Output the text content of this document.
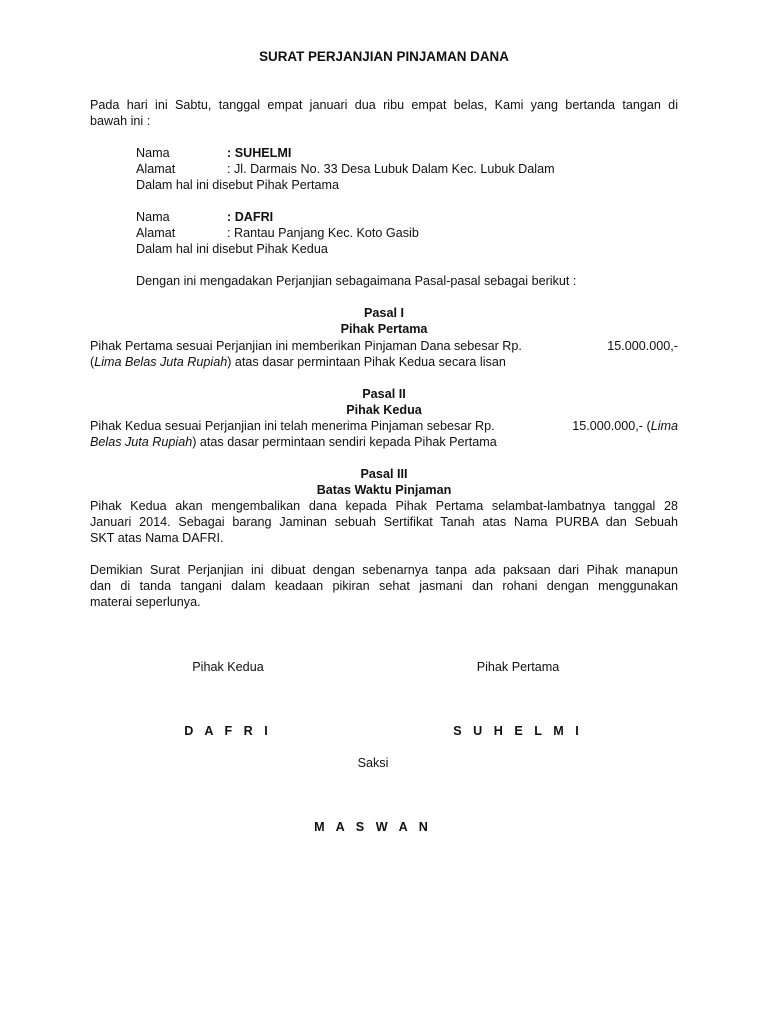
SURAT PERJANJIAN PINJAMAN DANA
Pada hari ini Sabtu, tanggal empat januari dua ribu empat belas, Kami yang bertanda tangan di
bawah ini :
Nama	: SUHELMI
Alamat	: Jl. Darmais No. 33 Desa Lubuk Dalam Kec. Lubuk Dalam
Dalam hal ini disebut Pihak Pertama
Nama	: DAFRI
Alamat	: Rantau Panjang Kec. Koto Gasib
Dalam hal ini disebut Pihak Kedua
Dengan ini mengadakan Perjanjian sebagaimana Pasal-pasal sebagai berikut :
Pasal I
Pihak Pertama
Pihak Pertama sesuai Perjanjian ini memberikan Pinjaman Dana sebesar Rp.	15.000.000,-
(Lima Belas Juta Rupiah) atas dasar permintaan Pihak Kedua secara lisan
Pasal II
Pihak Kedua
Pihak Kedua sesuai Perjanjian ini telah menerima Pinjaman sebesar Rp.	15.000.000,- (Lima
Belas Juta Rupiah) atas dasar permintaan sendiri kepada Pihak Pertama
Pasal III
Batas Waktu Pinjaman
Pihak Kedua akan mengembalikan dana kepada Pihak Pertama selambat-lambatnya tanggal 28
Januari 2014. Sebagai barang Jaminan sebuah Sertifikat Tanah atas Nama PURBA dan Sebuah
SKT atas Nama DAFRI.
Demikian Surat Perjanjian ini dibuat dengan sebenarnya tanpa ada paksaan dari Pihak manapun
dan di tanda tangani dalam keadaan pikiran sehat jasmani dan rohani dengan menggunakan
materai seperlunya.
Pihak Kedua	Pihak Pertama
D A F R I	S U H E L M I
Saksi
M A S W A N
